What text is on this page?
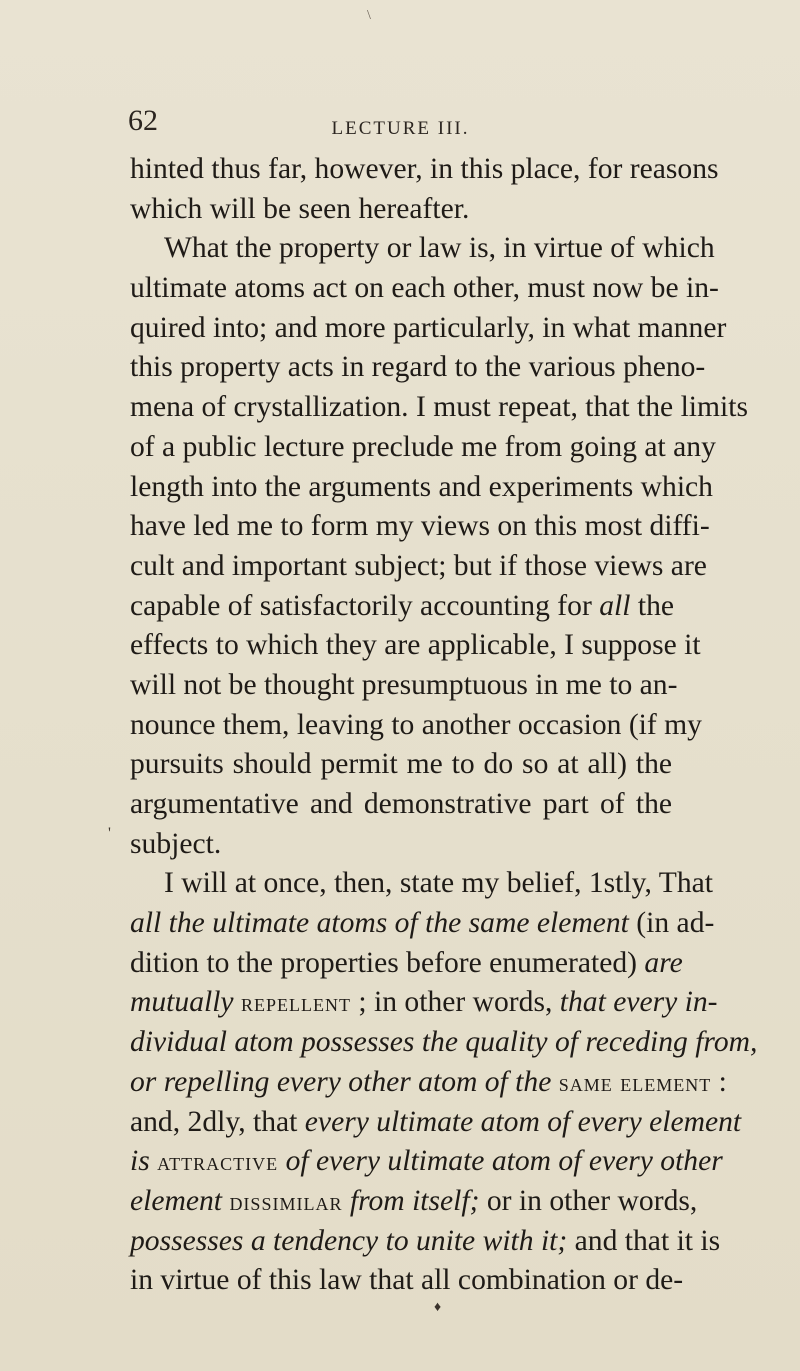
\
62	LECTURE III.
'
hinted thus far, however, in this place, for reasons
which will be seen hereafter.
What the property or law is, in virtue of which
ultimate atoms act on each other, must now be in-
quired into; and more particularly, in what manner
this property acts in regard to the various pheno-
mena of crystallization. I must repeat, that the limits
of a public lecture preclude me from going at any
length into the arguments and experiments which
have led me to form my views on this most diffi-
cult and important subject; but if those views are
capable of satisfactorily accounting for all the
effects to which they are applicable, I suppose it
will not be thought presumptuous in me to an-
nounce them, leaving to another occasion (if my
pursuits should permit me to do so at all) the
argumentative and demonstrative part of the
subject.
I will at once, then, state my belief, 1stly, That
all the ultimate atoms of the same element (in ad-
dition to the properties before enumerated) are
mutually repellent ; in other words, that every in-
dividual atom possesses the quality of receding from,
or repelling every other atom of the same element :
and, 2dly, that every ultimate atom of every element
is attractive of every ultimate atom of every other
element dissimilar from itself; or in other words,
possesses a tendency to unite with it; and that it is
in virtue of this law that all combination or de-
♦
